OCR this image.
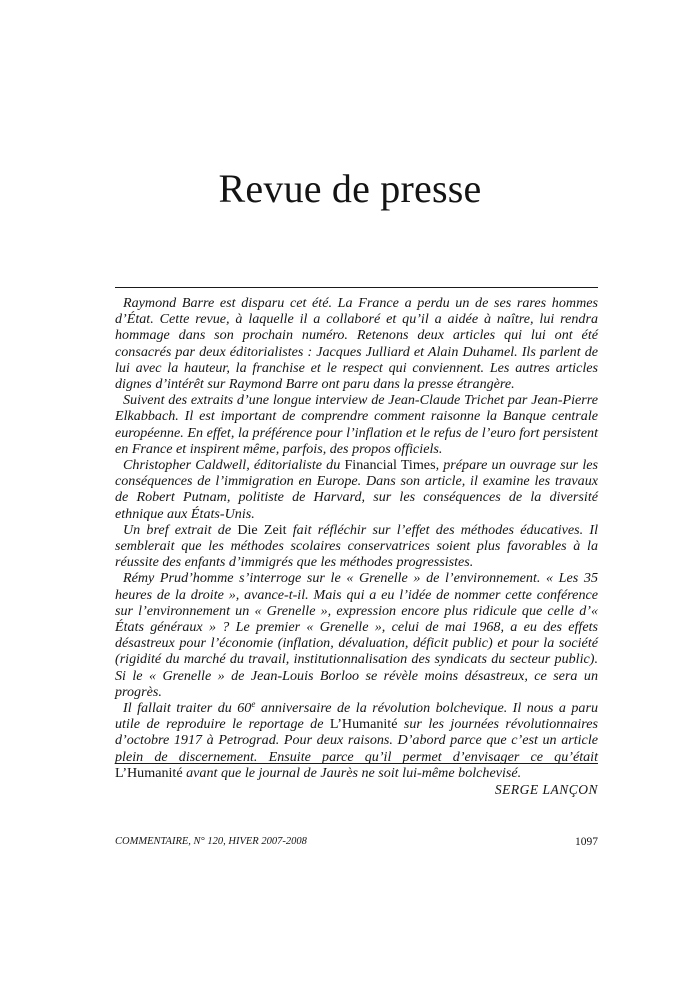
Revue de presse

Raymond Barre est disparu cet été. La France a perdu un de ses rares hommes d’État. Cette revue, à laquelle il a collaboré et qu’il a aidée à naître, lui rendra hommage dans son prochain numéro. Retenons deux articles qui lui ont été consacrés par deux éditorialistes : Jacques Julliard et Alain Duhamel. Ils parlent de lui avec la hauteur, la franchise et le respect qui conviennent. Les autres articles dignes d’intérêt sur Raymond Barre ont paru dans la presse étrangère.

Suivent des extraits d’une longue interview de Jean-Claude Trichet par Jean-Pierre Elkabbach. Il est important de comprendre comment raisonne la Banque centrale européenne. En effet, la préférence pour l’inflation et le refus de l’euro fort persistent en France et inspirent même, parfois, des propos officiels.

Christopher Caldwell, éditorialiste du Financial Times, prépare un ouvrage sur les conséquences de l’immigration en Europe. Dans son article, il examine les travaux de Robert Putnam, politiste de Harvard, sur les conséquences de la diversité ethnique aux États-Unis.

Un bref extrait de Die Zeit fait réfléchir sur l’effet des méthodes éducatives. Il semblerait que les méthodes scolaires conservatrices soient plus favorables à la réussite des enfants d’immigrés que les méthodes progressistes.

Rémy Prud’homme s’interroge sur le « Grenelle » de l’environnement. « Les 35 heures de la droite », avance-t-il. Mais qui a eu l’idée de nommer cette conférence sur l’environnement un « Grenelle », expression encore plus ridicule que celle d’« États généraux » ? Le premier « Grenelle », celui de mai 1968, a eu des effets désastreux pour l’économie (inflation, dévaluation, déficit public) et pour la société (rigidité du marché du travail, institutionnalisation des syndicats du secteur public). Si le « Grenelle » de Jean-Louis Borloo se révèle moins désastreux, ce sera un progrès.

Il fallait traiter du 60e anniversaire de la révolution bolchevique. Il nous a paru utile de reproduire le reportage de L’Humanité sur les journées révolutionnaires d’octobre 1917 à Petrograd. Pour deux raisons. D’abord parce que c’est un article plein de discernement. Ensuite parce qu’il permet d’envisager ce qu’était L’Humanité avant que le journal de Jaurès ne soit lui-même bolchevisé.

SERGE LANÇON
COMMENTAIRE, N° 120, HIVER 2007-2008	1097
